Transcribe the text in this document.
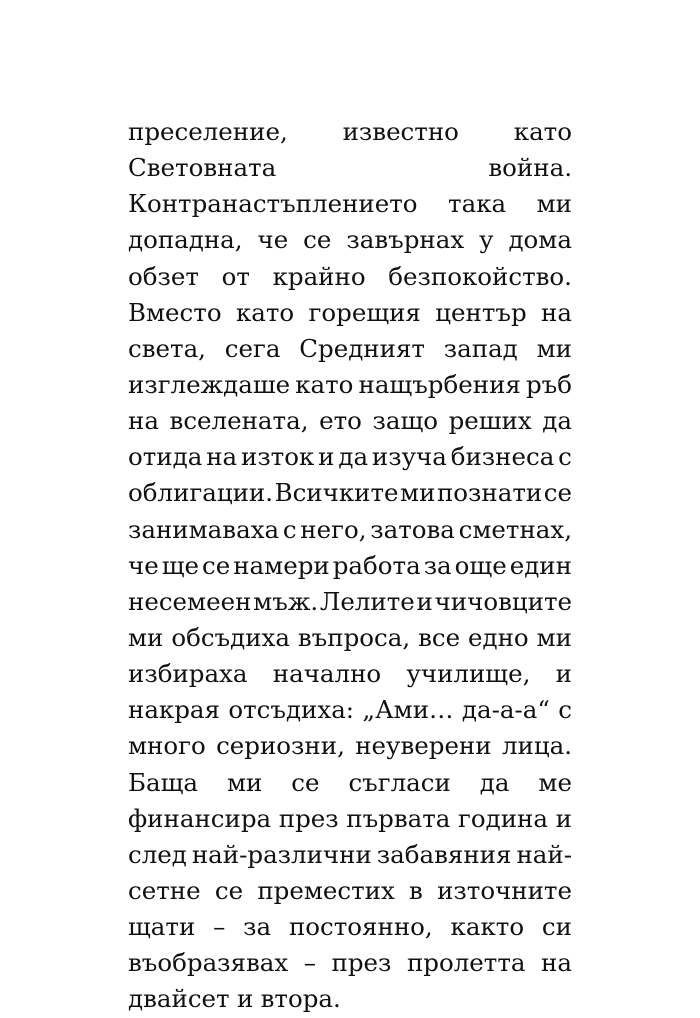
преселение, известно като
Световната	война.
Контранастъплението така ми
допадна, че се завърнах у дома
обзет от крайно безпокойство.
Вместо като горещия център на
света, сега Средният запад ми
изглеждаше като нащърбения ръб
на вселената, ето защо реших да
отида на изток и да изуча бизнеса с
облигации. Всичките ми познати се
занимаваха с него, затова сметнах,
че ще се намери работа за още един
несемеен мъж. Лелите и чичовците
ми обсъдиха въпроса, все едно ми
избираха начално училище, и
накрая отсъдиха: „Ами… да-а-а“ с
много сериозни, неуверени лица.
Баща ми се съгласи да ме
финансира през първата година и
след най-различни забавяния най-
сетне се преместих в източните
щати – за постоянно, както си
въобразявах – през пролетта на
двайсет и втора.
